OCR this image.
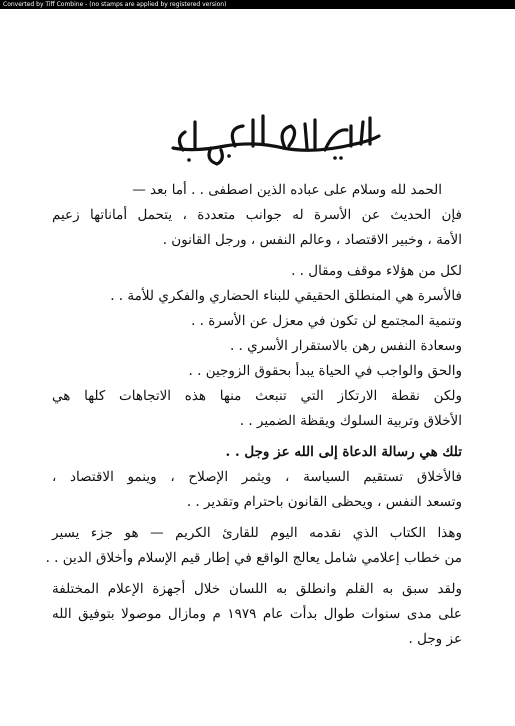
Converted by Tiff Combine - (no stamps are applied by registered version)
الحمد لله وسلام على عباده الذين اصطفى . . أما بعد —
فإن الحديث عن الأسرة له جوانب متعددة ، يتحمل أماناتها زعيم
الأمة ، وخبير الاقتصاد ، وعالم النفس ، ورجل القانون .
لكل من هؤلاء موقف ومقال . .
فالأسرة هي المنطلق الحقيقي للبناء الحضاري والفكري للأمة . .
وتنمية المجتمع لن تكون في معزل عن الأسرة . .
وسعادة النفس رهن بالاستقرار الأسري . .
والحق والواجب في الحياة يبدأ بحقوق الزوجين . .
ولكن نقطة الارتكاز التي تنبعث منها هذه الاتجاهات كلها هي
الأخلاق وتربية السلوك ويقظة الضمير . .
تلك هي رسالة الدعاة إلى الله عز وجل . .
فالأخلاق تستقيم السياسة ، ويثمر الإصلاح ، وينمو الاقتصاد ،
وتسعد النفس ، ويحظى القانون باحترام وتقدير . .
وهذا الكتاب الذي نقدمه اليوم للقارئ الكريم — هو جزء يسير
من خطاب إعلامي شامل يعالج الواقع في إطار قيم الإسلام وأخلاق الدين . .
ولقد سبق به القلم وانطلق به اللسان خلال أجهزة الإعلام المختلفة
على مدى سنوات طوال بدأت عام ١٩٧٩ م ومازال موصولا بتوفيق الله
عز وجل .
